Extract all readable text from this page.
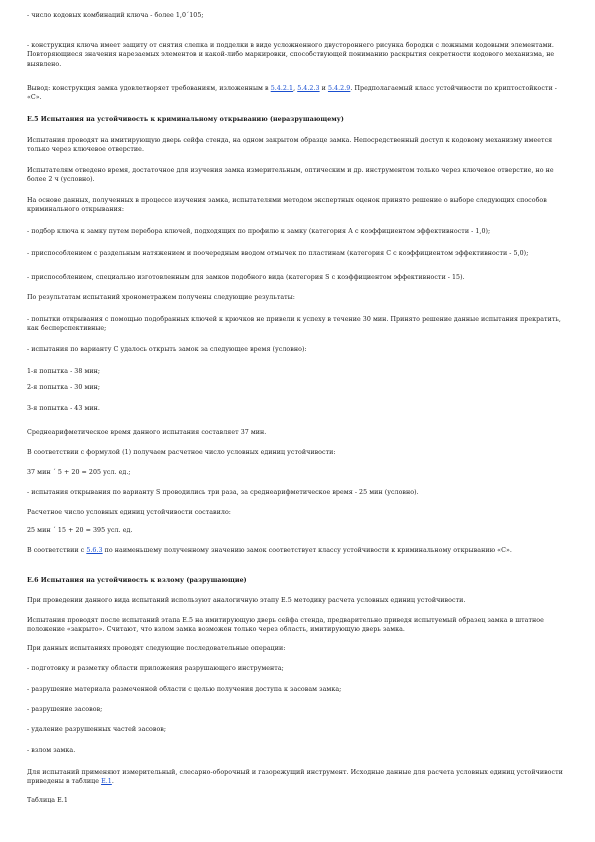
- число кодовых комбинаций ключа - более 1,0´105;
- конструкция ключа имеет защиту от снятия слепка и подделки в виде усложненного двустороннего рисунка бородки с ложными кодовыми элементами. Повторяющиеся значения нарезаемых элементов и какой-либо маркировки, способствующей пониманию раскрытия секретности кодового механизма, не выявлено.
Вывод: конструкция замка удовлетворяет требованиям, изложенным в 5.4.2.1, 5.4.2.3 и 5.4.2.9. Предполагаемый класс устойчивости по криптостойкости - «С».
Е.5 Испытания на устойчивость к криминальному открыванию (неразрушающему)
Испытания проводят на имитирующую дверь сейфа стенда, на одном закрытом образце замка. Непосредственный доступ к кодовому механизму имеется только через ключевое отверстие.
Испытателям отведено время, достаточное для изучения замка измерительным, оптическим и др. инструментом только через ключевое отверстие, но не более 2 ч (условно).
На основе данных, полученных в процессе изучения замка, испытателями методом экспертных оценок принято решение о выборе следующих способов криминального открывания:
- подбор ключа к замку путем перебора ключей, подходящих по профилю к замку (категория А с коэффициентом эффективности - 1,0);
- приспособлением с раздельным натяжением и поочередным вводом отмычек по пластинам (категория С с коэффициентом эффективности - 5,0);
- приспособлением, специально изготовленным для замков подобного вида (категория S с коэффициентом эффективности - 15).
По результатам испытаний хронометражем получены следующие результаты:
- попытки открывания с помощью подобранных ключей к крючков не привели к успеху в течение 30 мин. Принято решение данные испытания прекратить, как бесперспективные;
- испытания по варианту С удалось открыть замок за следующее время (условно):
1-я попытка - 38 мин;
2-я попытка - 30 мин;
3-я попытка - 43 мин.
Среднеарифметическое время данного испытания составляет 37 мин.
В соответствии с формулой (1) получаем расчетное число условных единиц устойчивости:
37 мин ´ 5 + 20 = 205 усл. ед.;
- испытания открывания по варианту S проводились три раза, за среднеарифметическое время - 25 мин (условно).
Расчетное число условных единиц устойчивости составило:
25 мин ´ 15 + 20 = 395 усл. ед.
В соответствии с 5.6.3 по наименьшему полученному значению замок соответствует классу устойчивости к криминальному открыванию «С».
Е.6 Испытания на устойчивость к взлому (разрушающие)
При проведении данного вида испытаний используют аналогичную этапу Е.5 методику расчета условных единиц устойчивости.
Испытания проводят после испытаний этапа Е.5 на имитирующую дверь сейфа стенда, предварительно приведя испытуемый образец замка в штатное положение «закрыто». Считают, что взлом замка возможен только через область, имитирующую дверь замка.
При данных испытаниях проводят следующие последовательные операции:
- подготовку и разметку области приложения разрушающего инструмента;
- разрушение материала размеченной области с целью получения доступа к засовам замка;
- разрушение засовов;
- удаление разрушенных частей засовов;
- взлом замка.
Для испытаний применяют измерительный, слесарно-оборочный и газорежущий инструмент. Исходные данные для расчета условных единиц устойчивости приведены в таблице Е.1.
Таблица Е.1
